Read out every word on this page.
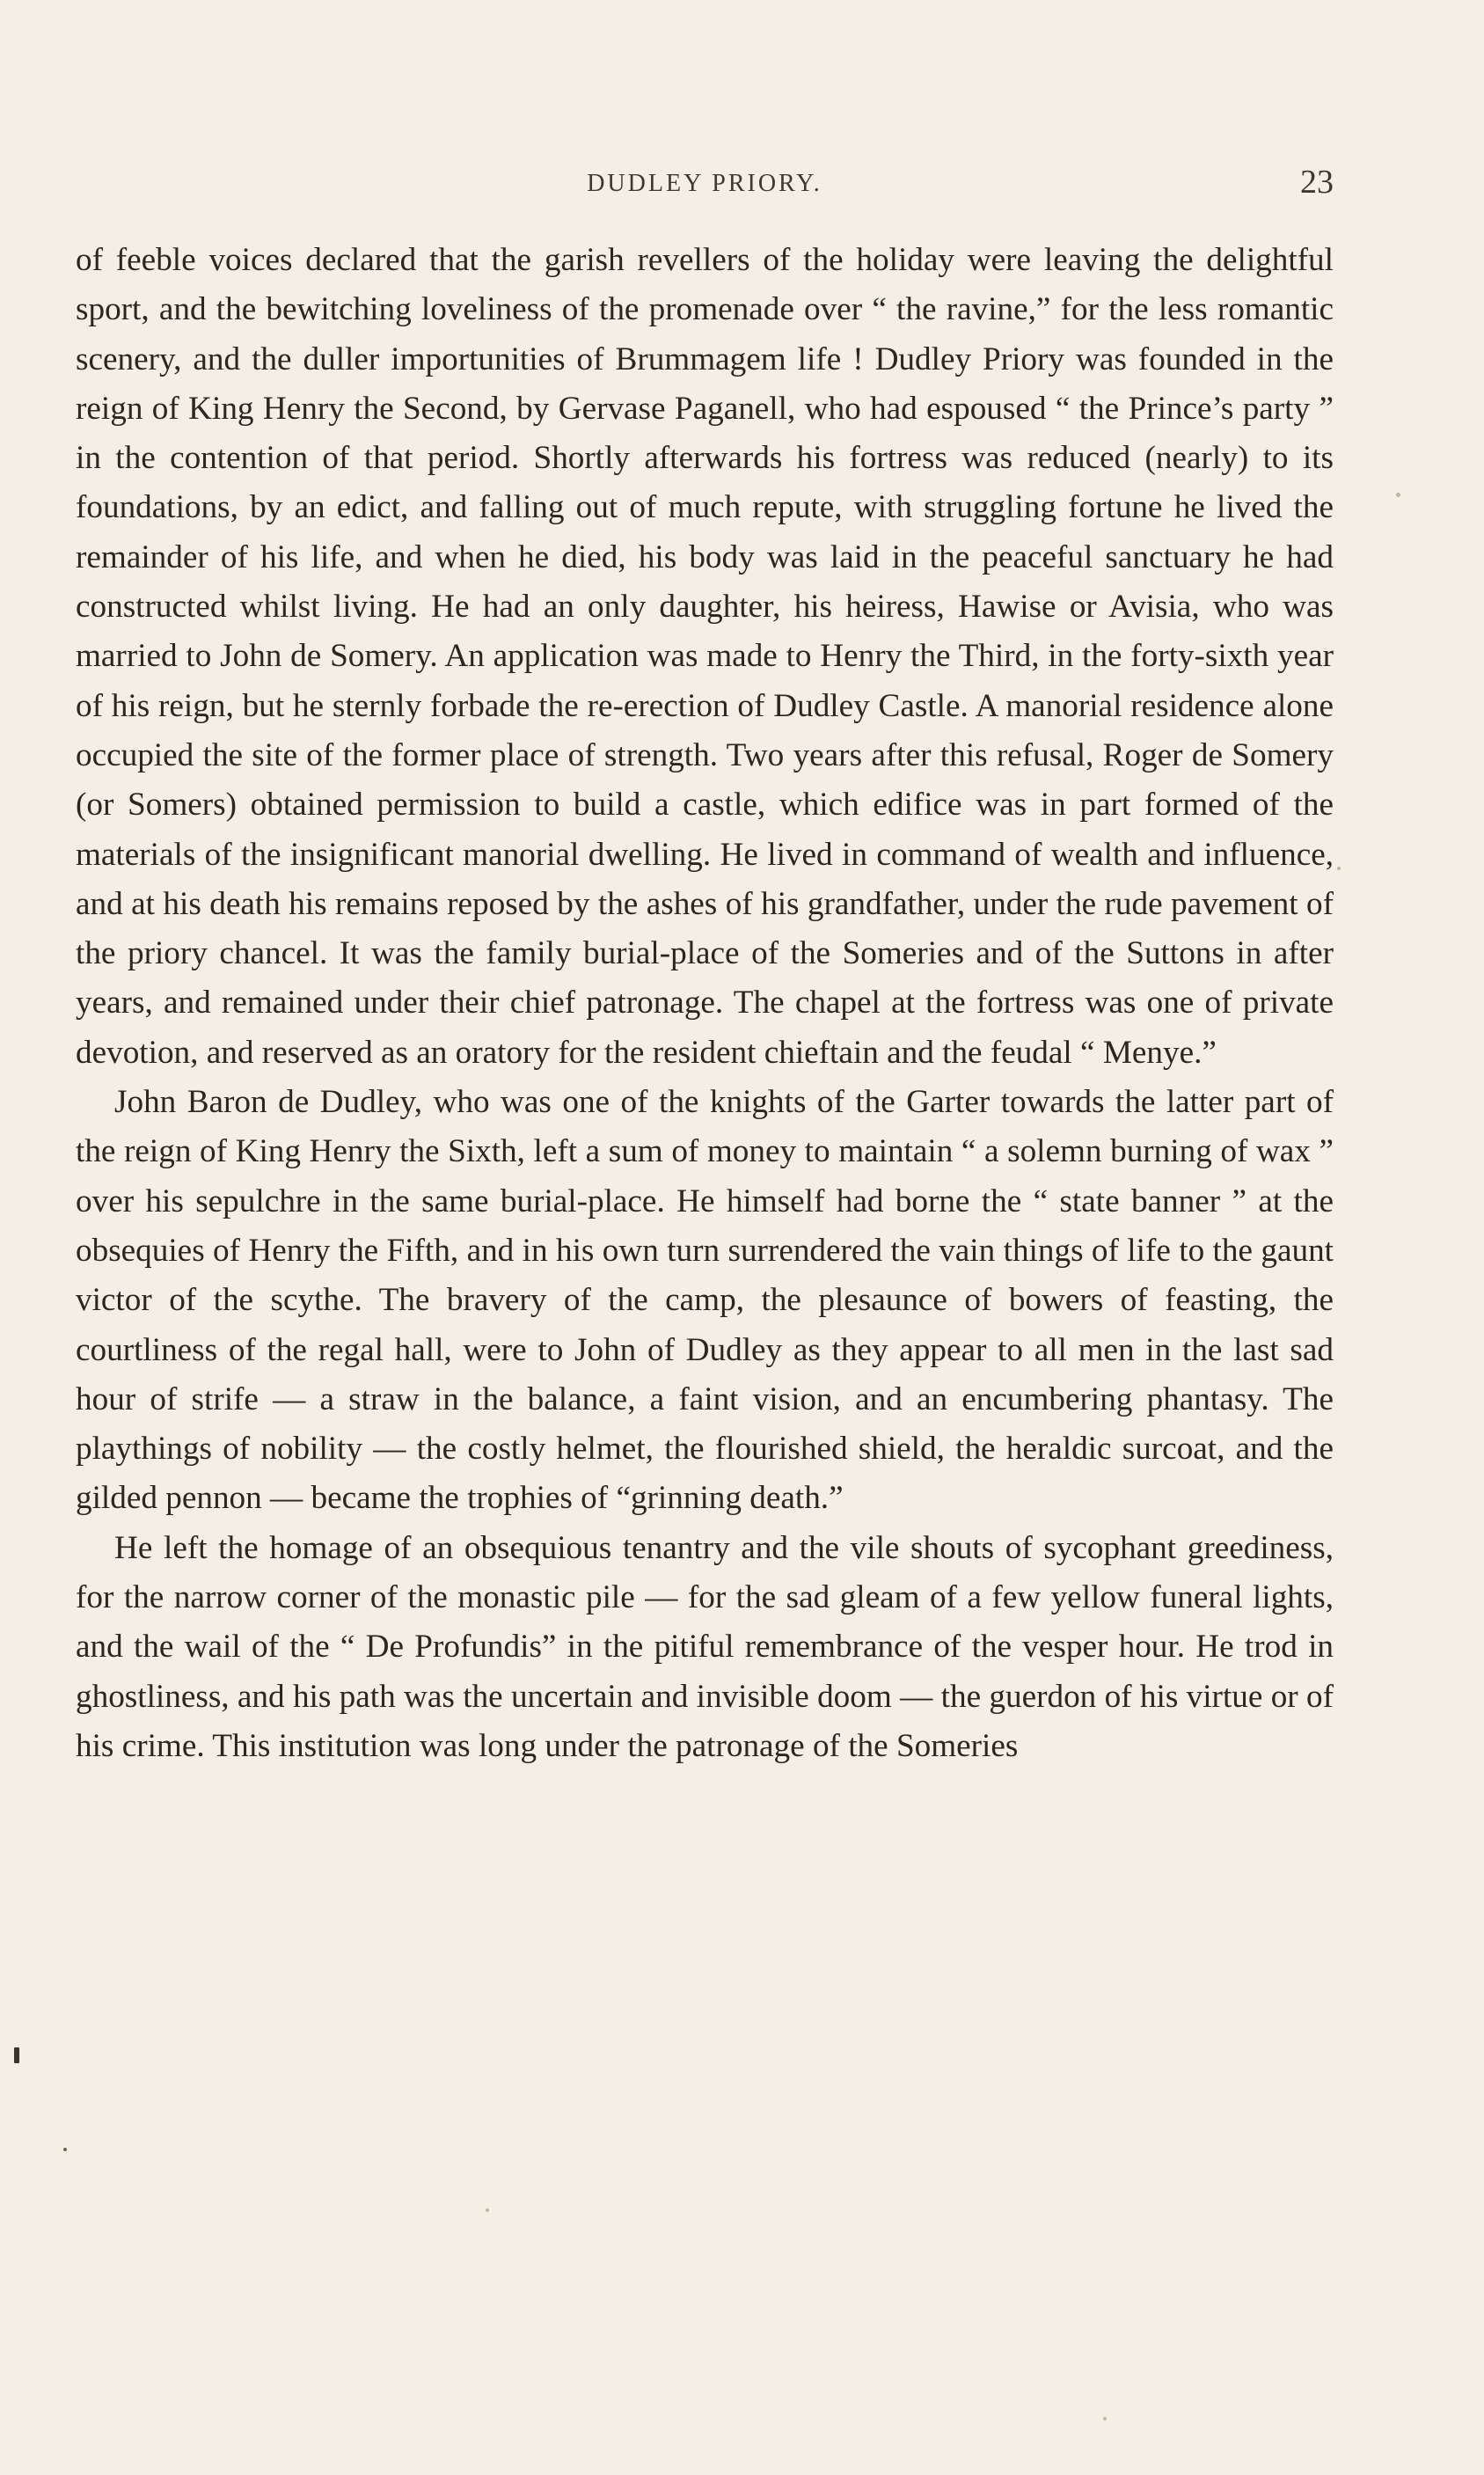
DUDLEY PRIORY.	23

of feeble voices declared that the garish revellers of the holiday were leaving the delightful sport, and the bewitching loveliness of the promenade over “ the ravine,” for the less romantic scenery, and the duller importunities of Brummagem life ! Dudley Priory was founded in the reign of King Henry the Second, by Gervase Paganell, who had espoused “ the Prince’s party ” in the contention of that period. Shortly afterwards his fortress was reduced (nearly) to its foundations, by an edict, and falling out of much repute, with struggling fortune he lived the remainder of his life, and when he died, his body was laid in the peaceful sanctuary he had constructed whilst living. He had an only daughter, his heiress, Hawise or Avisia, who was married to John de Somery. An application was made to Henry the Third, in the forty-sixth year of his reign, but he sternly forbade the re-erection of Dudley Castle. A manorial residence alone occupied the site of the former place of strength. Two years after this refusal, Roger de Somery (or Somers) obtained permission to build a castle, which edifice was in part formed of the materials of the insignificant manorial dwelling. He lived in command of wealth and influence, and at his death his remains reposed by the ashes of his grandfather, under the rude pavement of the priory chancel. It was the family burial-place of the Someries and of the Suttons in after years, and remained under their chief patronage. The chapel at the fortress was one of private devotion, and reserved as an oratory for the resident chieftain and the feudal “ Menye.”

John Baron de Dudley, who was one of the knights of the Garter towards the latter part of the reign of King Henry the Sixth, left a sum of money to maintain “ a solemn burning of wax ” over his sepulchre in the same burial-place. He himself had borne the “ state banner ” at the obsequies of Henry the Fifth, and in his own turn surrendered the vain things of life to the gaunt victor of the scythe. The bravery of the camp, the plesaunce of bowers of feasting, the courtliness of the regal hall, were to John of Dudley as they appear to all men in the last sad hour of strife — a straw in the balance, a faint vision, and an encumbering phantasy. The playthings of nobility — the costly helmet, the flourished shield, the heraldic surcoat, and the gilded pennon — became the trophies of “grinning death.”

He left the homage of an obsequious tenantry and the vile shouts of sycophant greediness, for the narrow corner of the monastic pile — for the sad gleam of a few yellow funeral lights, and the wail of the “ De Profundis” in the pitiful remembrance of the vesper hour. He trod in ghostliness, and his path was the uncertain and invisible doom — the guerdon of his virtue or of his crime. This institution was long under the patronage of the Someries
